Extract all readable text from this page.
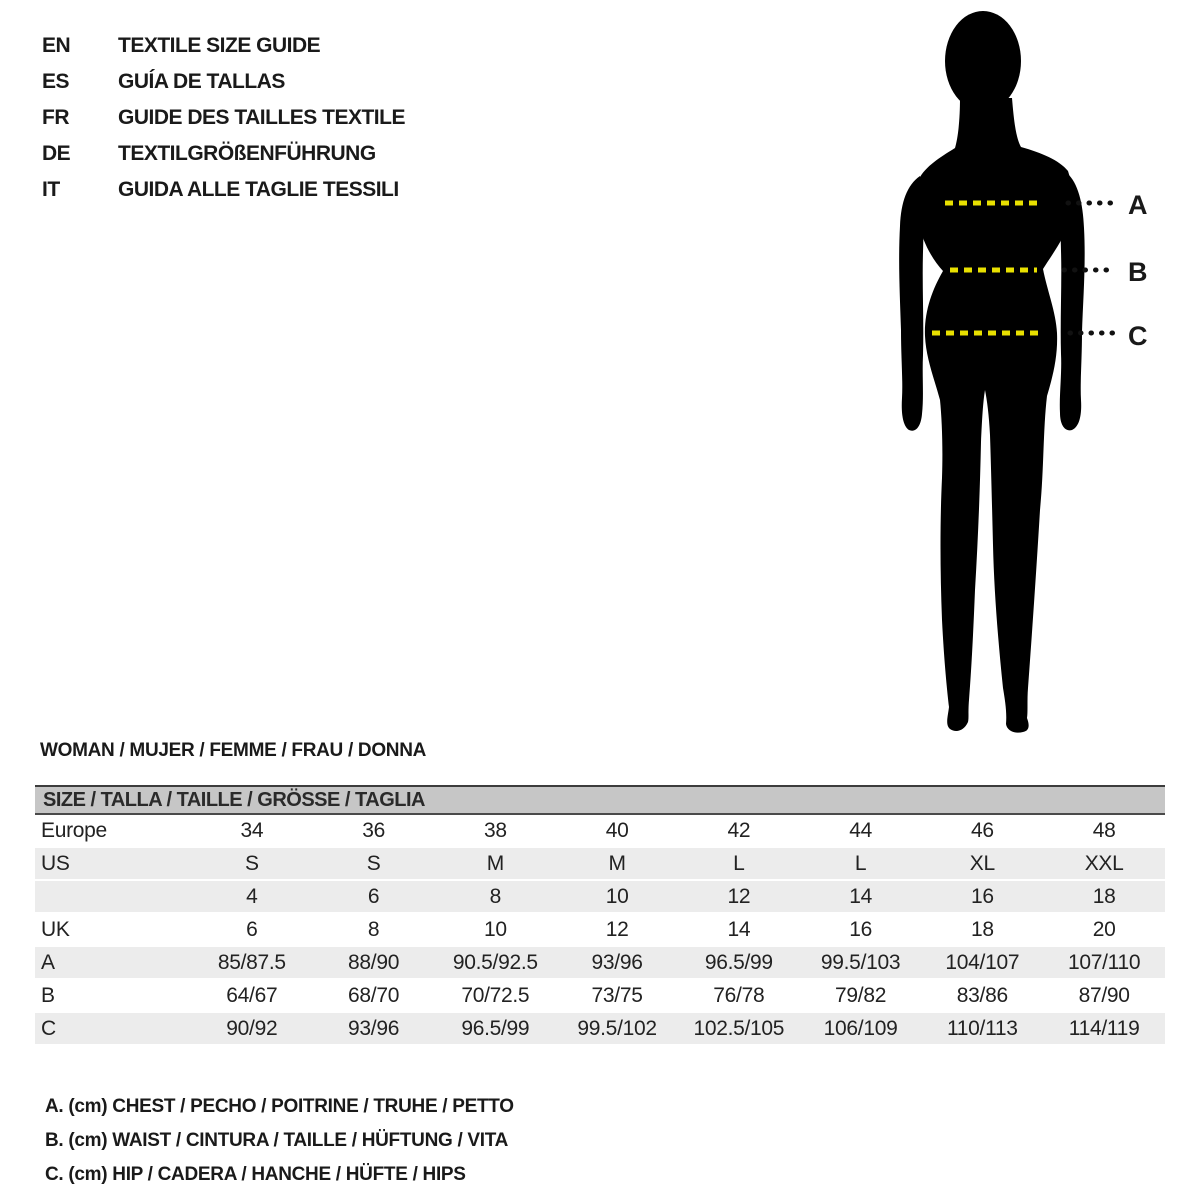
EN TEXTILE SIZE GUIDE
ES GUÍA DE TALLAS
FR GUIDE DES TAILLES TEXTILE
DE TEXTILGRÖßENFÜHRUNG
IT	GUIDA ALLE TAGLIE TESSILI
A
B
C
WOMAN / MUJER / FEMME / FRAU / DONNA
SIZE / TALLA / TAILLE / GRÖSSE / TAGLIA
Europe	34	36	38	40	42	44	46	48
US	S	S	M	M	L	L	XL	XXL
	4	6	8	10	12	14	16	18
UK	6	8	10	12	14	16	18	20
A	85/87.5	88/90	90.5/92.5	93/96	96.5/99	99.5/103	104/107	107/110
B	64/67	68/70	70/72.5	73/75	76/78	79/82	83/86	87/90
C	90/92	93/96	96.5/99	99.5/102	102.5/105	106/109	110/113	114/119
A. (cm) CHEST / PECHO / POITRINE / TRUHE / PETTO
B. (cm) WAIST / CINTURA / TAILLE / HÜFTUNG / VITA
C. (cm) HIP / CADERA / HANCHE / HÜFTE / HIPS
